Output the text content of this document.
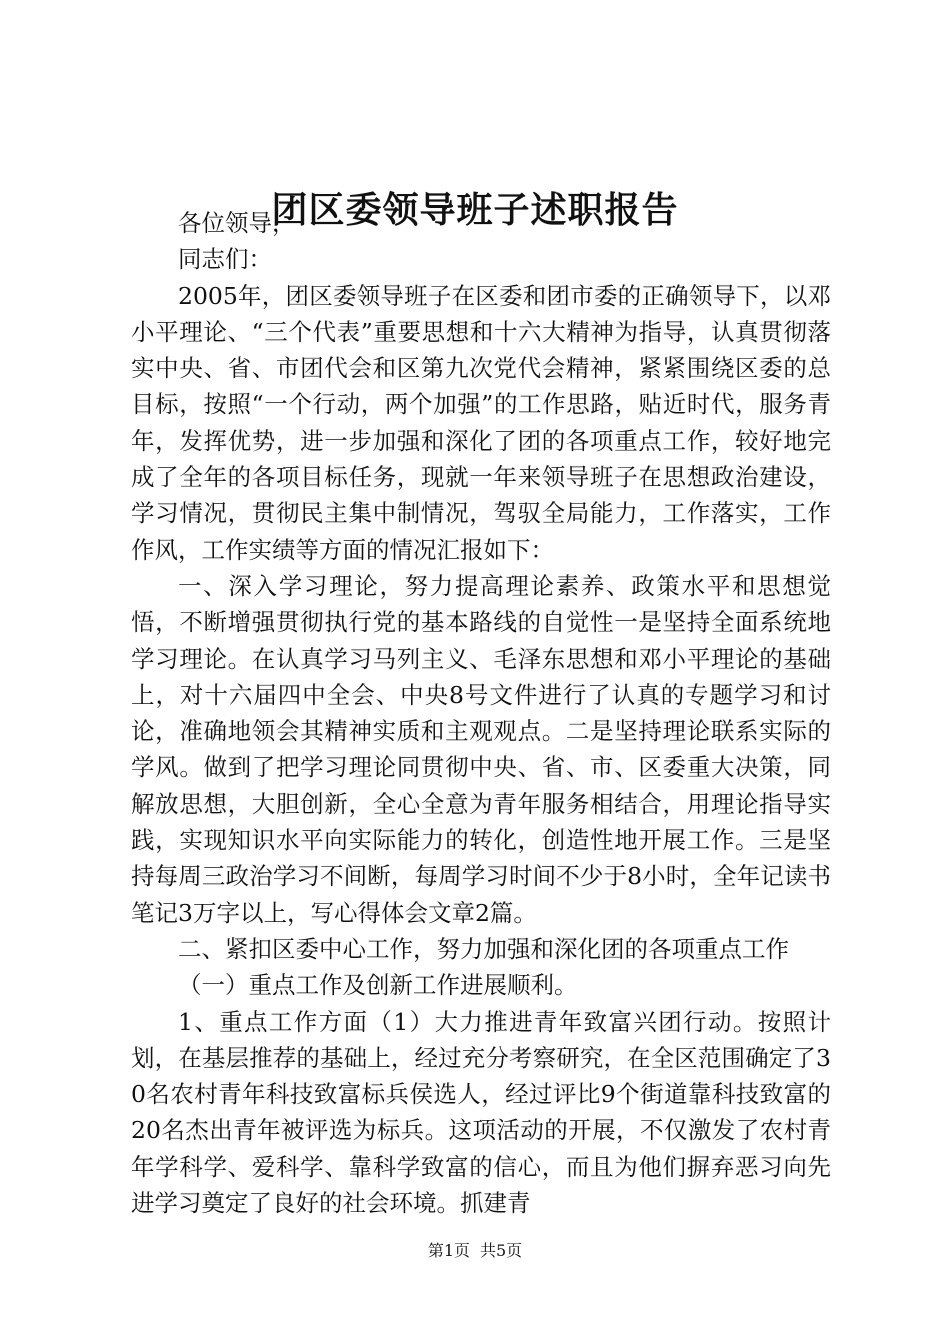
团区委领导班子述职报告

各位领导，

同志们：

2005年，团区委领导班子在区委和团市委的正确领导下，以邓小平理论、“三个代表”重要思想和十六大精神为指导，认真贯彻落实中央、省、市团代会和区第九次党代会精神，紧紧围绕区委的总目标，按照“一个行动，两个加强”的工作思路，贴近时代，服务青年，发挥优势，进一步加强和深化了团的各项重点工作，较好地完成了全年的各项目标任务，现就一年来领导班子在思想政治建设，学习情况，贯彻民主集中制情况，驾驭全局能力，工作落实，工作作风，工作实绩等方面的情况汇报如下：

一、深入学习理论，努力提高理论素养、政策水平和思想觉悟，不断增强贯彻执行党的基本路线的自觉性一是坚持全面系统地学习理论。在认真学习马列主义、毛泽东思想和邓小平理论的基础上，对十六届四中全会、中央8号文件进行了认真的专题学习和讨论，准确地领会其精神实质和主观观点。二是坚持理论联系实际的学风。做到了把学习理论同贯彻中央、省、市、区委重大决策，同解放思想，大胆创新，全心全意为青年服务相结合，用理论指导实践，实现知识水平向实际能力的转化，创造性地开展工作。三是坚持每周三政治学习不间断，每周学习时间不少于8小时，全年记读书笔记3万字以上，写心得体会文章2篇。

二、紧扣区委中心工作，努力加强和深化团的各项重点工作

（一）重点工作及创新工作进展顺利。

1、重点工作方面（1）大力推进青年致富兴团行动。按照计划，在基层推荐的基础上，经过充分考察研究，在全区范围确定了30名农村青年科技致富标兵侯选人，经过评比9个街道靠科技致富的20名杰出青年被评选为标兵。这项活动的开展，不仅激发了农村青年学科学、爱科学、靠科学致富的信心，而且为他们摒弃恶习向先进学习奠定了良好的社会环境。抓建青

第1页 共5页
